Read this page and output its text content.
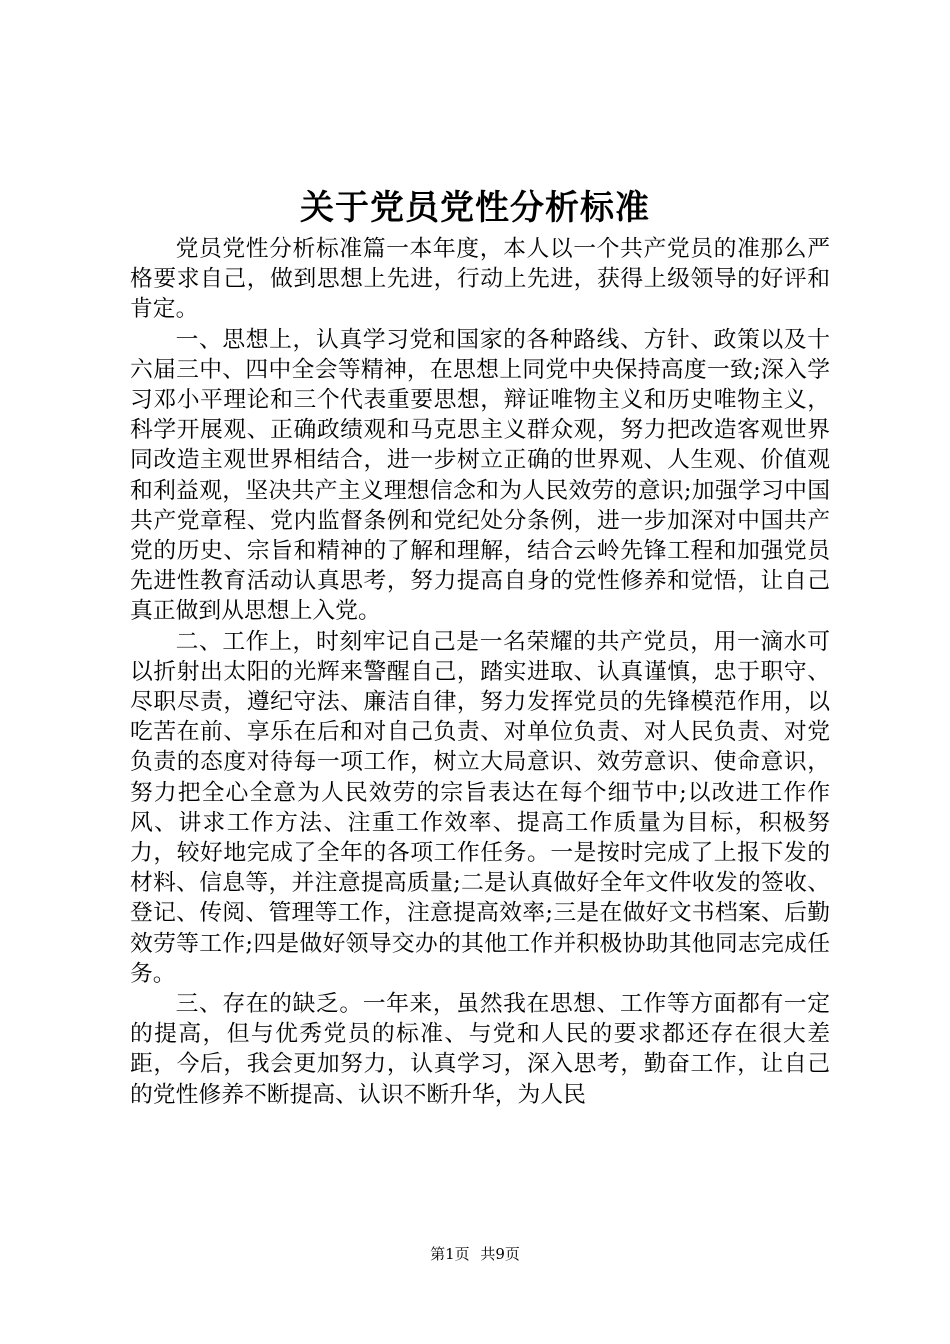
关于党员党性分析标准

党员党性分析标准篇一本年度，本人以一个共产党员的准那么严格要求自己，做到思想上先进，行动上先进，获得上级领导的好评和肯定。

一、思想上，认真学习党和国家的各种路线、方针、政策以及十六届三中、四中全会等精神，在思想上同党中央保持高度一致;深入学习邓小平理论和三个代表重要思想，辩证唯物主义和历史唯物主义，科学开展观、正确政绩观和马克思主义群众观，努力把改造客观世界同改造主观世界相结合，进一步树立正确的世界观、人生观、价值观和利益观，坚决共产主义理想信念和为人民效劳的意识;加强学习中国共产党章程、党内监督条例和党纪处分条例，进一步加深对中国共产党的历史、宗旨和精神的了解和理解，结合云岭先锋工程和加强党员先进性教育活动认真思考，努力提高自身的党性修养和觉悟，让自己真正做到从思想上入党。

二、工作上，时刻牢记自己是一名荣耀的共产党员，用一滴水可以折射出太阳的光辉来警醒自己，踏实进取、认真谨慎，忠于职守、尽职尽责，遵纪守法、廉洁自律，努力发挥党员的先锋模范作用，以吃苦在前、享乐在后和对自己负责、对单位负责、对人民负责、对党负责的态度对待每一项工作，树立大局意识、效劳意识、使命意识，努力把全心全意为人民效劳的宗旨表达在每个细节中;以改进工作作风、讲求工作方法、注重工作效率、提高工作质量为目标，积极努力，较好地完成了全年的各项工作任务。一是按时完成了上报下发的材料、信息等，并注意提高质量;二是认真做好全年文件收发的签收、登记、传阅、管理等工作，注意提高效率;三是在做好文书档案、后勤效劳等工作;四是做好领导交办的其他工作并积极协助其他同志完成任务。

三、存在的缺乏。一年来，虽然我在思想、工作等方面都有一定的提高，但与优秀党员的标准、与党和人民的要求都还存在很大差距，今后，我会更加努力，认真学习，深入思考，勤奋工作，让自己的党性修养不断提高、认识不断升华，为人民

第1页 共9页
